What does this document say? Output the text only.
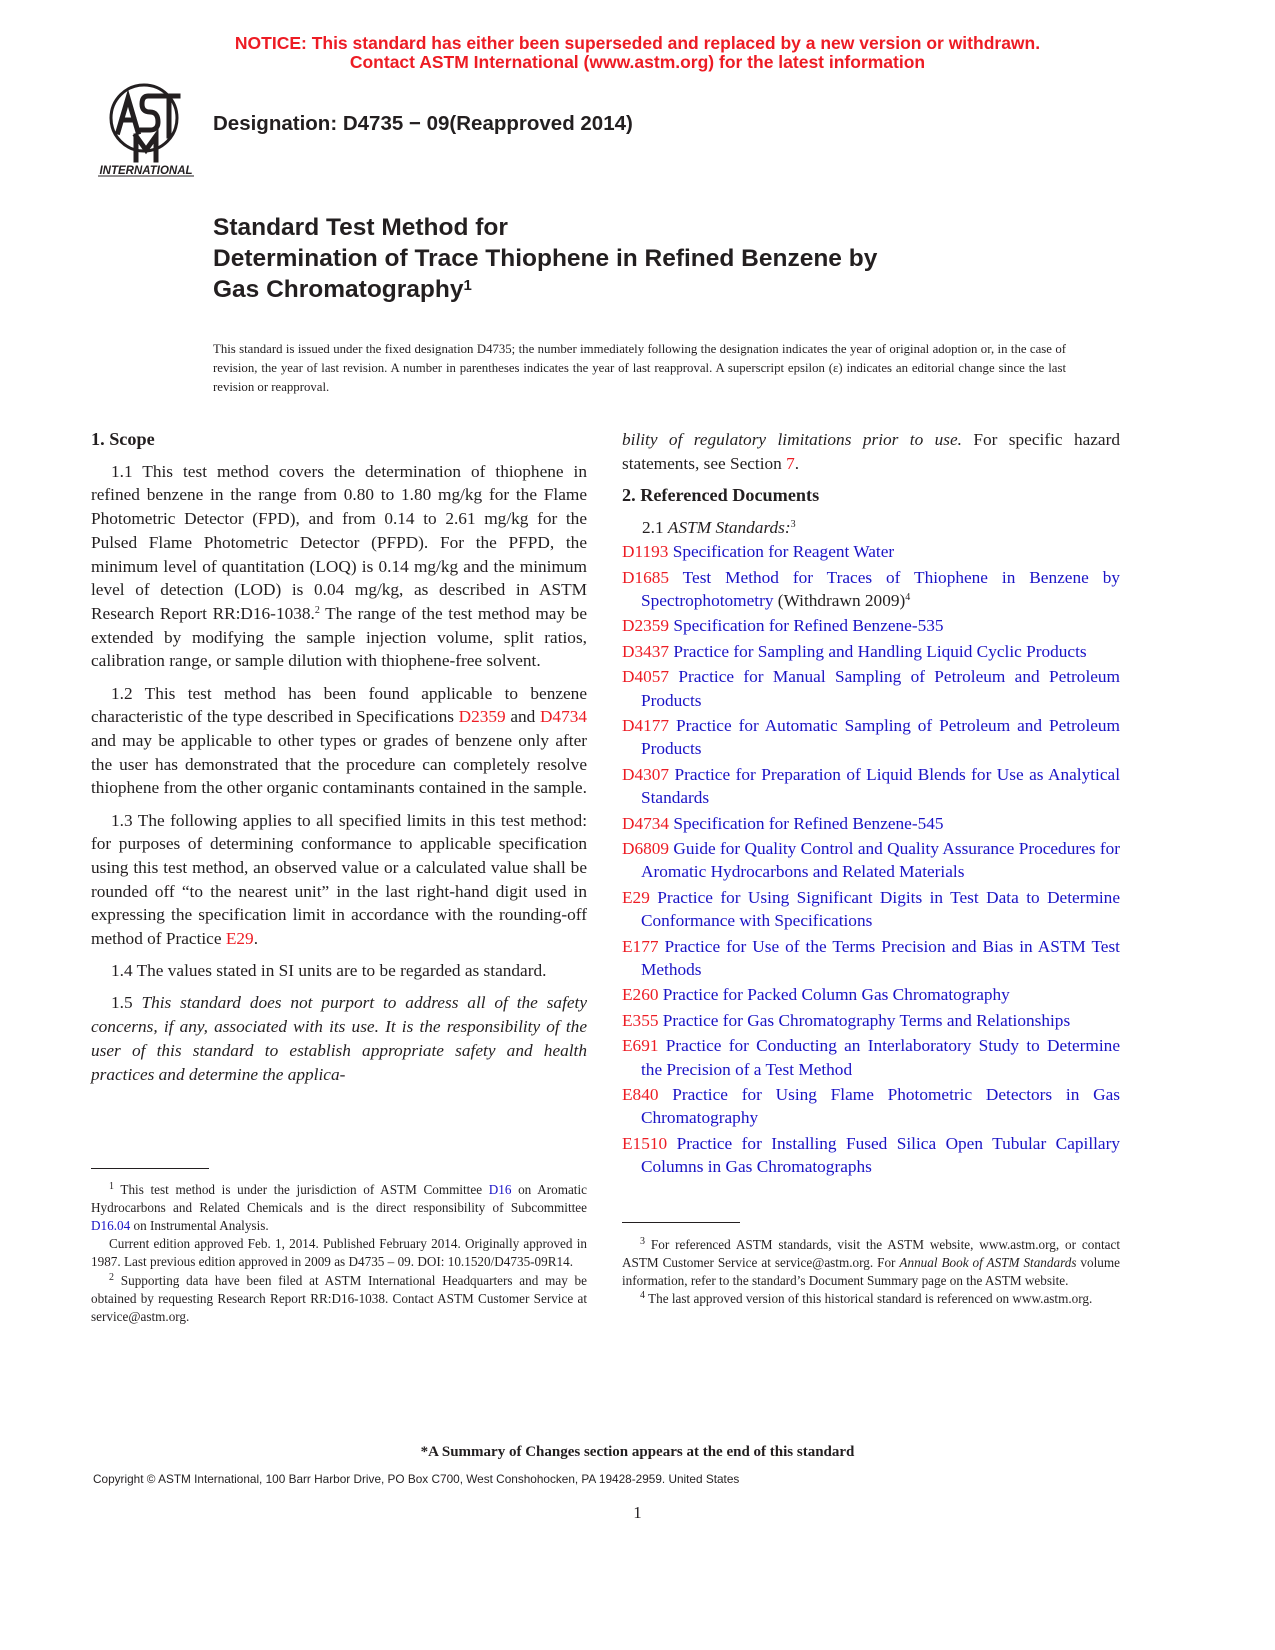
NOTICE: This standard has either been superseded and replaced by a new version or withdrawn.
Contact ASTM International (www.astm.org) for the latest information
INTERNATIONAL
Designation: D4735 − 09(Reapproved 2014)
Standard Test Method for
Determination of Trace Thiophene in Refined Benzene by
Gas Chromatography$^1$
This standard is issued under the fixed designation D4735; the number immediately following the designation indicates the year of original adoption or, in the case of revision, the year of last revision. A number in parentheses indicates the year of last reapproval. A superscript epsilon (ε) indicates an editorial change since the last revision or reapproval.
1. Scope

1.1 This test method covers the determination of thiophene in refined benzene in the range from 0.80 to 1.80 mg/kg for the Flame Photometric Detector (FPD), and from 0.14 to 2.61 mg/kg for the Pulsed Flame Photometric Detector (PFPD). For the PFPD, the minimum level of quantitation (LOQ) is 0.14 mg/kg and the minimum level of detection (LOD) is 0.04 mg/kg, as described in ASTM Research Report RR:D16-1038.$^2$ The range of the test method may be extended by modifying the sample injection volume, split ratios, calibration range, or sample dilution with thiophene-free solvent.

1.2 This test method has been found applicable to benzene characteristic of the type described in Specifications D2359 and D4734 and may be applicable to other types or grades of benzene only after the user has demonstrated that the procedure can completely resolve thiophene from the other organic contaminants contained in the sample.

1.3 The following applies to all specified limits in this test method: for purposes of determining conformance to applicable specification using this test method, an observed value or a calculated value shall be rounded off “to the nearest unit” in the last right-hand digit used in expressing the specification limit in accordance with the rounding-off method of Practice E29.

1.4 The values stated in SI units are to be regarded as standard.

1.5 This standard does not purport to address all of the safety concerns, if any, associated with its use. It is the responsibility of the user of this standard to establish appropriate safety and health practices and determine the applica-

$^1$ This test method is under the jurisdiction of ASTM Committee D16 on Aromatic Hydrocarbons and Related Chemicals and is the direct responsibility of Subcommittee D16.04 on Instrumental Analysis.

Current edition approved Feb. 1, 2014. Published February 2014. Originally approved in 1987. Last previous edition approved in 2009 as D4735 – 09. DOI: 10.1520/D4735-09R14.

$^2$ Supporting data have been filed at ASTM International Headquarters and may be obtained by requesting Research Report RR:D16-1038. Contact ASTM Customer Service at service@astm.org.

bility of regulatory limitations prior to use. For specific hazard statements, see Section 7.

2. Referenced Documents

2.1 ASTM Standards:$^3$

D1193 Specification for Reagent Water
D1685 Test Method for Traces of Thiophene in Benzene by Spectrophotometry (Withdrawn 2009)$^4$
D2359 Specification for Refined Benzene-535
D3437 Practice for Sampling and Handling Liquid Cyclic Products
D4057 Practice for Manual Sampling of Petroleum and Petroleum Products
D4177 Practice for Automatic Sampling of Petroleum and Petroleum Products
D4307 Practice for Preparation of Liquid Blends for Use as Analytical Standards
D4734 Specification for Refined Benzene-545
D6809 Guide for Quality Control and Quality Assurance Procedures for Aromatic Hydrocarbons and Related Materials
E29 Practice for Using Significant Digits in Test Data to Determine Conformance with Specifications
E177 Practice for Use of the Terms Precision and Bias in ASTM Test Methods
E260 Practice for Packed Column Gas Chromatography
E355 Practice for Gas Chromatography Terms and Relationships
E691 Practice for Conducting an Interlaboratory Study to Determine the Precision of a Test Method
E840 Practice for Using Flame Photometric Detectors in Gas Chromatography
E1510 Practice for Installing Fused Silica Open Tubular Capillary Columns in Gas Chromatographs

$^3$ For referenced ASTM standards, visit the ASTM website, www.astm.org, or contact ASTM Customer Service at service@astm.org. For Annual Book of ASTM Standards volume information, refer to the standard’s Document Summary page on the ASTM website.

$^4$ The last approved version of this historical standard is referenced on www.astm.org.

*A Summary of Changes section appears at the end of this standard
Copyright © ASTM International, 100 Barr Harbor Drive, PO Box C700, West Conshohocken, PA 19428-2959. United States
1
